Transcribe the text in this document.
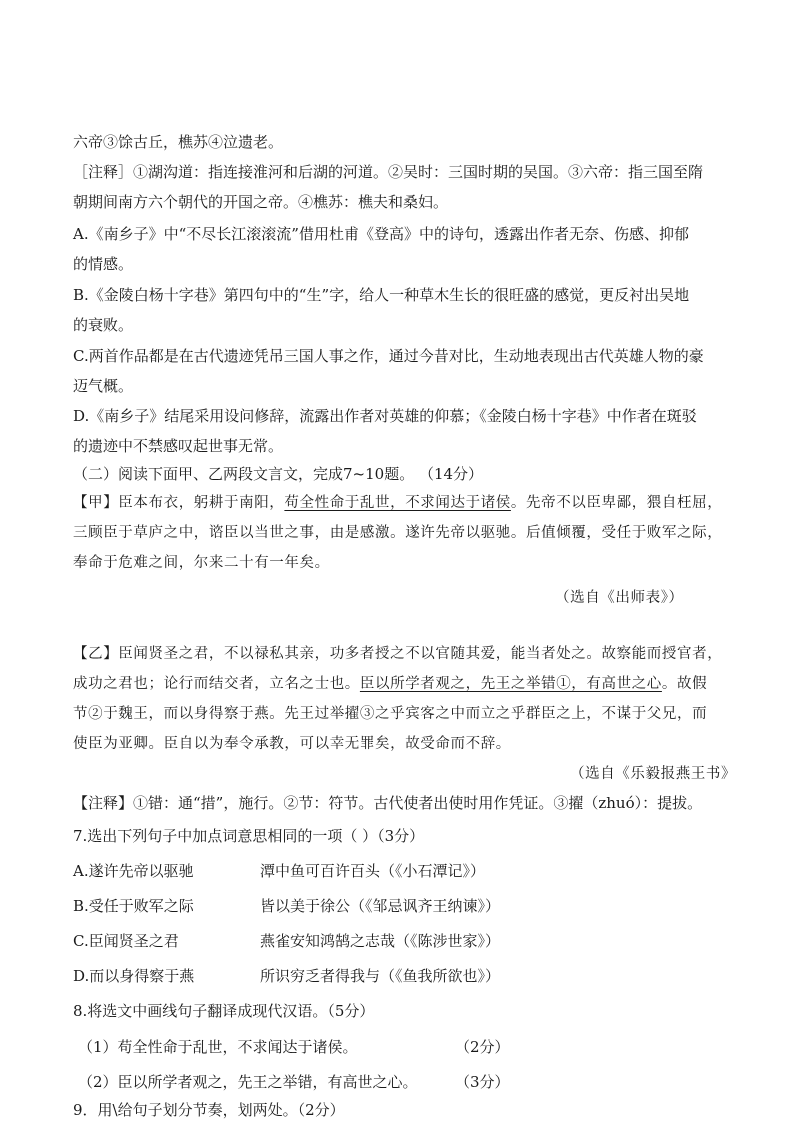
六帝③馀古丘，樵苏④泣遗老。
［注释］①湖沟道：指连接淮河和后湖的河道。②吴时：三国时期的吴国。③六帝：指三国至隋
朝期间南方六个朝代的开国之帝。④樵苏：樵夫和桑妇。
A.《南乡子》中“不尽长江滚滚流”借用杜甫《登高》中的诗句，透露出作者无奈、伤感、抑郁
的情感。
B.《金陵白杨十字巷》第四句中的“生”字，给人一种草木生长的很旺盛的感觉，更反衬出吴地
的衰败。
C.两首作品都是在古代遗迹凭吊三国人事之作，通过今昔对比，生动地表现出古代英雄人物的豪
迈气概。
D.《南乡子》结尾采用设问修辞，流露出作者对英雄的仰慕；《金陵白杨十字巷》中作者在斑驳
的遗迹中不禁感叹起世事无常。
（二）阅读下面甲、乙两段文言文，完成7~10题。 （14分）
【甲】臣本布衣，躬耕于南阳，苟全性命于乱世，不求闻达于诸侯。先帝不以臣卑鄙，猥自枉屈，
三顾臣于草庐之中，谘臣以当世之事，由是感激。遂许先帝以驱驰。后值倾覆，受任于败军之际，
奉命于危难之间，尔来二十有一年矣。
（选自《出师表》）
【乙】臣闻贤圣之君，不以禄私其亲，功多者授之不以官随其爱，能当者处之。故察能而授官者，
成功之君也；论行而结交者，立名之士也。臣以所学者观之，先王之举错①，有高世之心。故假
节②于魏王，而以身得察于燕。先王过举擢③之乎宾客之中而立之乎群臣之上，不谋于父兄，而
使臣为亚卿。臣自以为奉令承教，可以幸无罪矣，故受命而不辞。
（选自《乐毅报燕王书》
【注释】①错：通“措”，施行。②节：符节。古代使者出使时用作凭证。③擢（zhuó）：提拔。
7.选出下列句子中加点词意思相同的一项（ ）（3分）
A.遂许先帝以驱驰	潭中鱼可百许百头（《小石潭记》）
B.受任于败军之际	皆以美于徐公（《邹忌讽齐王纳谏》）
C.臣闻贤圣之君	燕雀安知鸿鹄之志哉（《陈涉世家》）
D.而以身得察于燕	所识穷乏者得我与（《鱼我所欲也》）
8.将选文中画线句子翻译成现代汉语。（5分）
（1）苟全性命于乱世，不求闻达于诸侯。	（2分）
（2）臣以所学者观之，先王之举错，有高世之心。 （3分）
9．用\给句子划分节奏，划两处。（2分）
